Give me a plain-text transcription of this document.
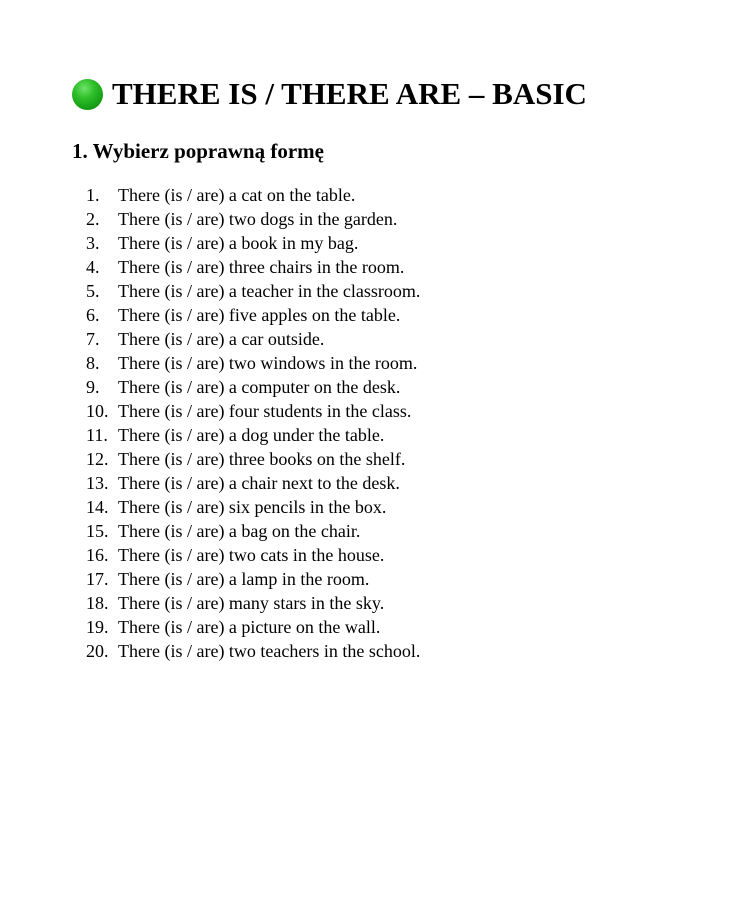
THERE IS / THERE ARE – BASIC
1. Wybierz poprawną formę
1.	There (is / are) a cat on the table.
2.	There (is / are) two dogs in the garden.
3.	There (is / are) a book in my bag.
4.	There (is / are) three chairs in the room.
5.	There (is / are) a teacher in the classroom.
6.	There (is / are) five apples on the table.
7.	There (is / are) a car outside.
8.	There (is / are) two windows in the room.
9.	There (is / are) a computer on the desk.
10. There (is / are) four students in the class.
11. There (is / are) a dog under the table.
12. There (is / are) three books on the shelf.
13. There (is / are) a chair next to the desk.
14. There (is / are) six pencils in the box.
15. There (is / are) a bag on the chair.
16. There (is / are) two cats in the house.
17. There (is / are) a lamp in the room.
18. There (is / are) many stars in the sky.
19. There (is / are) a picture on the wall.
20. There (is / are) two teachers in the school.
